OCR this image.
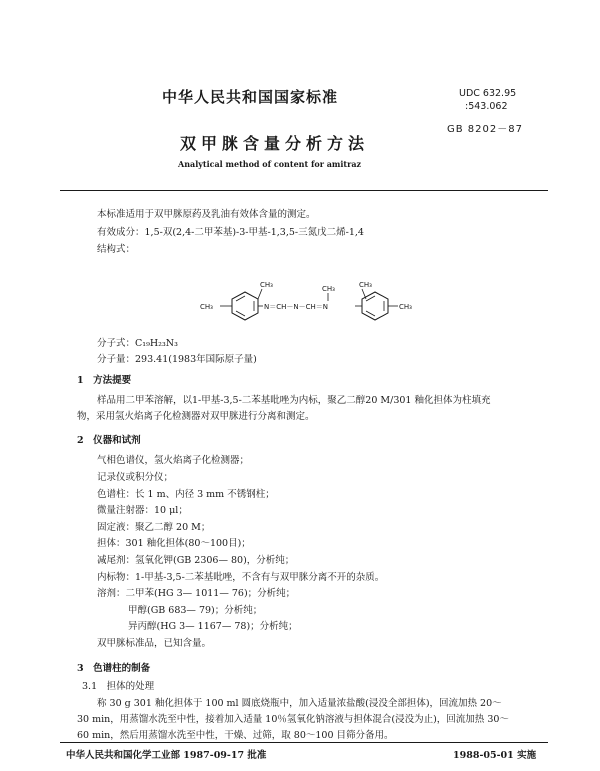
中华人民共和国国家标准	UDC 632.95
:543.062
GB 8202－87
双甲脒含量分析方法
Analytical method of content for amitraz
本标准适用于双甲脒原药及乳油有效体含量的测定。
有效成分：1,5-双(2,4-二甲苯基)-3-甲基-1,3,5-三氮戊二烯-1,4
结构式：
CH₃	CH₃	CH₃
CH₃	N＝CH－N－CH＝N	CH₃
分子式：C₁₉H₂₃N₃
分子量：293.41(1983年国际原子量)
1　方法提要
样品用二甲苯溶解，以1-甲基-3,5-二苯基吡唑为内标，聚乙二醇20 M/301 釉化担体为柱填充
物，采用氢火焰离子化检测器对双甲脒进行分离和测定。
2　仪器和试剂
气相色谱仪，氢火焰离子化检测器；
记录仪或积分仪；
色谱柱：长 1 m、内径 3 mm 不锈钢柱；
微量注射器：10 μl；
固定液：聚乙二醇 20 M；
担体：301 釉化担体(80～100目)；
减尾剂：氢氧化钾(GB 2306— 80)，分析纯；
内标物：1-甲基-3,5-二苯基吡唑，不含有与双甲脒分离不开的杂质。
溶剂：二甲苯(HG 3— 1011— 76)；分析纯；
甲醇(GB 683— 79)；分析纯；
异丙醇(HG 3— 1167— 78)；分析纯；
双甲脒标准品，已知含量。
3　色谱柱的制备
3.1　担体的处理
称 30 g 301 釉化担体于 100 ml 圆底烧瓶中，加入适量浓盐酸(浸没全部担体)，回流加热 20～
30 min，用蒸馏水洗至中性，接着加入适量 10％氢氧化钠溶液与担体混合(浸没为止)，回流加热 30～
60 min，然后用蒸馏水洗至中性，干燥、过筛，取 80～100 目筛分备用。
中华人民共和国化学工业部 1987-09-17 批准	1988-05-01 实施
